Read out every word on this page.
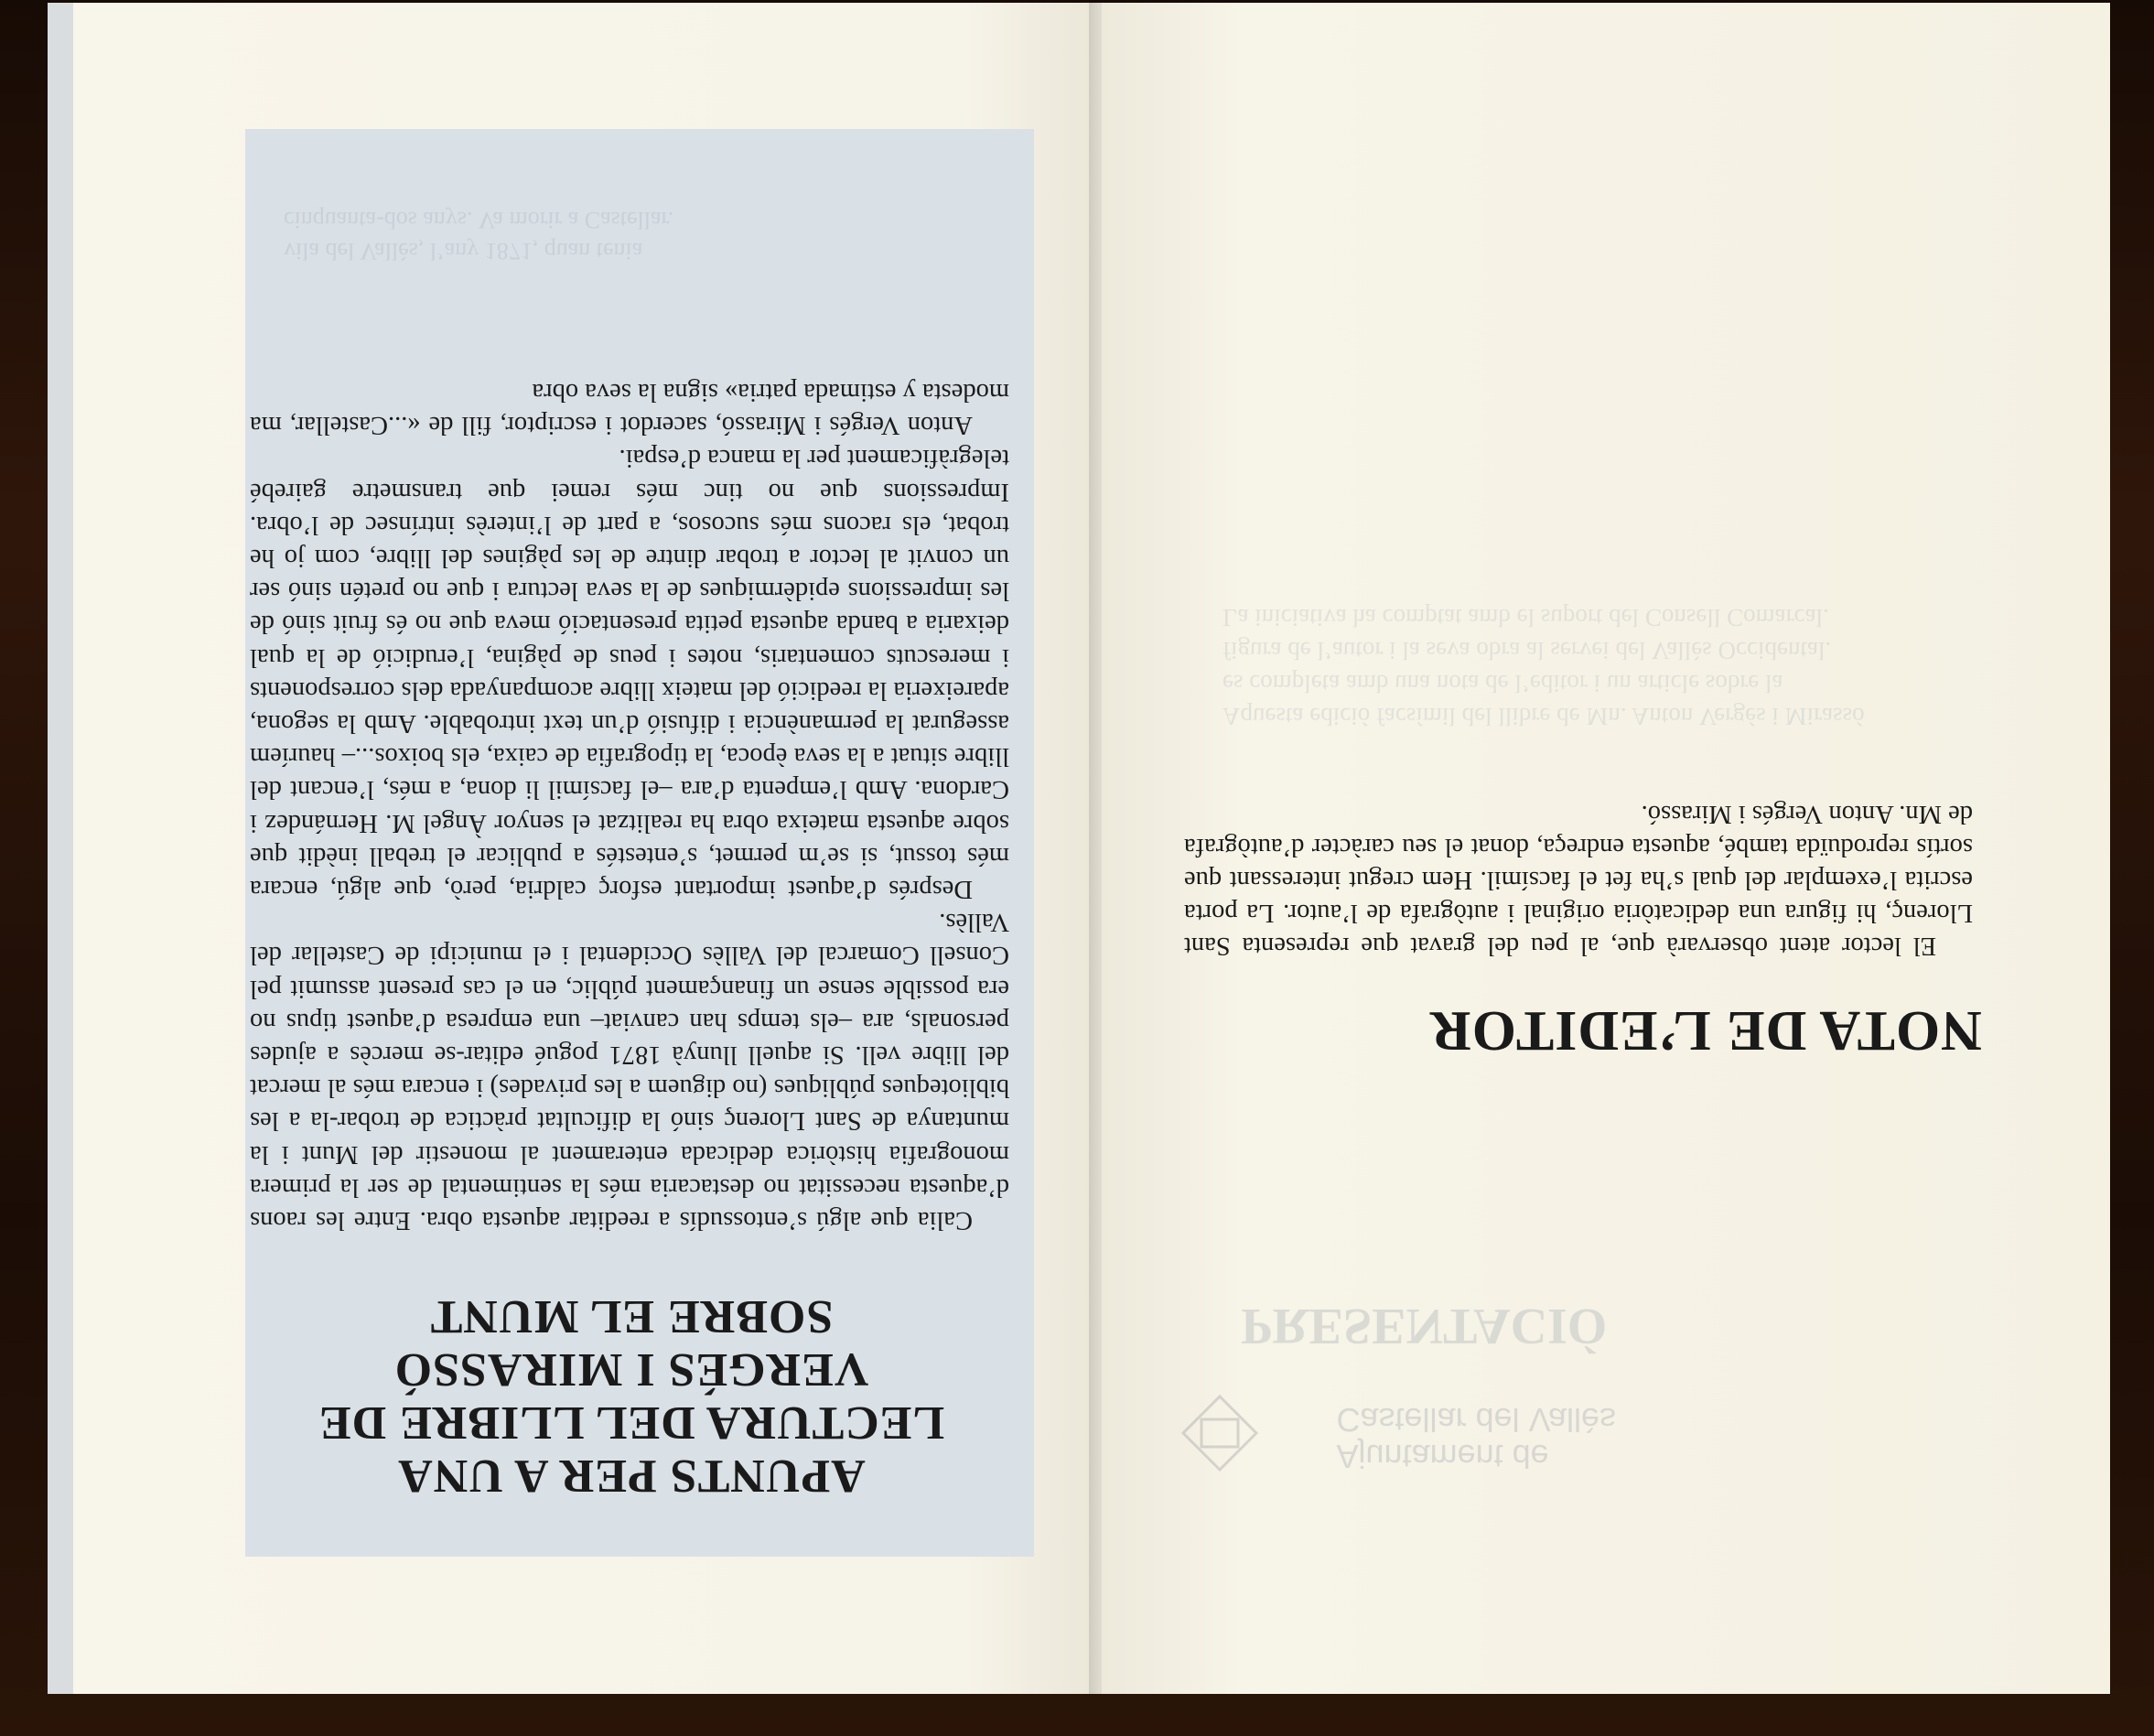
Ajuntament de
Castellar del Vallès

PRESENTACIÓ
Aquesta edició facsímil del llibre de Mn. Anton Vergés i Mirassó
es completa amb una nota de l’editor i un article sobre la
figura de l’autor i la seva obra al servei del Vallès Occidental.
La iniciativa ha comptat amb el suport del Consell Comarcal.
NOTA DE L’EDITOR

El lector atent observarà que, al peu del gravat que representa Sant Llorenç, hi figura una dedicatòria original i autògrafa de l’autor. La porta escrita l’exemplar del qual s’ha fet el facsímil. Hem cregut interessant que sortís reproduïda també, aquesta endreça, donat el seu caràcter d’autògrafa de Mn. Anton Vergés i Mirassó.

APUNTS PER A UNA
LECTURA DEL LLIBRE DE
VERGÉS I MIRASSÓ
SOBRE EL MUNT

Calia que algú s’entossudís a reeditar aquesta obra. Entre les raons d’aquesta necessitat no destacaria més la sentimental de ser la primera monografia històrica dedicada enterament al monestir del Munt i la muntanya de Sant Llorenç sinó la dificultat pràctica de trobar-la a les biblioteques públiques (no diguem a les privades) i encara més al mercat del llibre vell. Si aquell llunyà 1871 pogué editar-se mercès a ajudes personals, ara –els temps han canviat– una empresa d’aquest tipus no era possible sense un finançament públic, en el cas present assumit pel Consell Comarcal del Vallès Occidental i el municipi de Castellar del Vallès.

Després d’aquest important esforç caldria, però, que algú, encara més tossut, si se’m permet, s’entestés a publicar el treball inèdit que sobre aquesta mateixa obra ha realitzat el senyor Àngel M. Hernández i Cardona. Amb l’empenta d’ara –el facsímil li dona, a més, l’encant del llibre situat a la seva època, la tipografia de caixa, els boixos...– hauríem assegurat la permanència i difusió d’un text introbable. Amb la segona, apareixeria la reedició del mateix llibre acompanyada dels corresponents i merescuts comentaris, notes i peus de pàgina, l’erudició de la qual deixaria a banda aquesta petita presentació meva que no és fruit sinó de les impressions epidèrmiques de la seva lectura i que no pretén sinó ser un convit al lector a trobar dintre de les pàgines del llibre, com jo he trobat, els racons més sucosos, a part de l’interès intrínsec de l’obra. Impressions que no tinc més remei que transmetre gairebé telegràficament per la manca d’espai.

Anton Vergés i Mirassó, sacerdot i escriptor, fill de «...Castellar, ma modesta y estimada patria» signa la seva obra

vila del Vallès, l’any 1871, quan tenia
cinquanta-dos anys. Va morir a Castellar.
